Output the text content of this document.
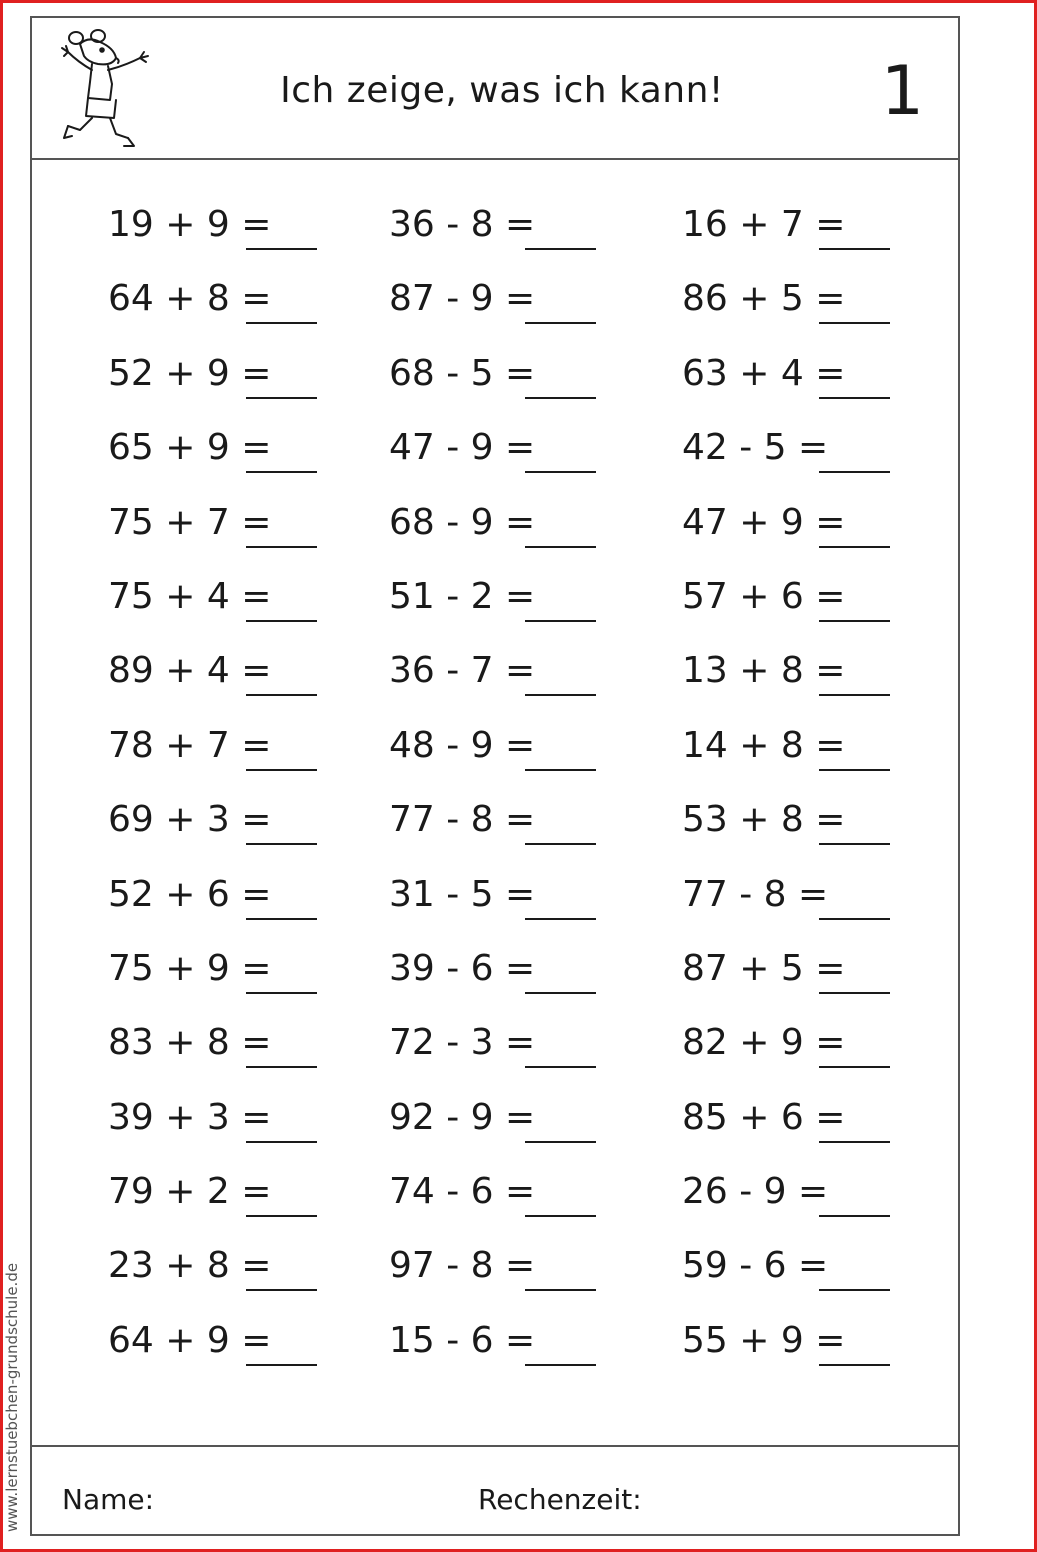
Ich zeige, was ich kann!	1
19 + 9 =	36 - 8 =	16 + 7 =
64 + 8 =	87 - 9 =	86 + 5 =
52 + 9 =	68 - 5 =	63 + 4 =
65 + 9 =	47 - 9 =	42 - 5 =
75 + 7 =	68 - 9 =	47 + 9 =
75 + 4 =	51 - 2 =	57 + 6 =
89 + 4 =	36 - 7 =	13 + 8 =
78 + 7 =	48 - 9 =	14 + 8 =
69 + 3 =	77 - 8 =	53 + 8 =
52 + 6 =	31 - 5 =	77 - 8 =
75 + 9 =	39 - 6 =	87 + 5 =
83 + 8 =	72 - 3 =	82 + 9 =
39 + 3 =	92 - 9 =	85 + 6 =
79 + 2 =	74 - 6 =	26 - 9 =
23 + 8 =	97 - 8 =	59 - 6 =
64 + 9 =	15 - 6 =	55 + 9 =
Name:	Rechenzeit:
www.lernstuebchen-grundschule.de
